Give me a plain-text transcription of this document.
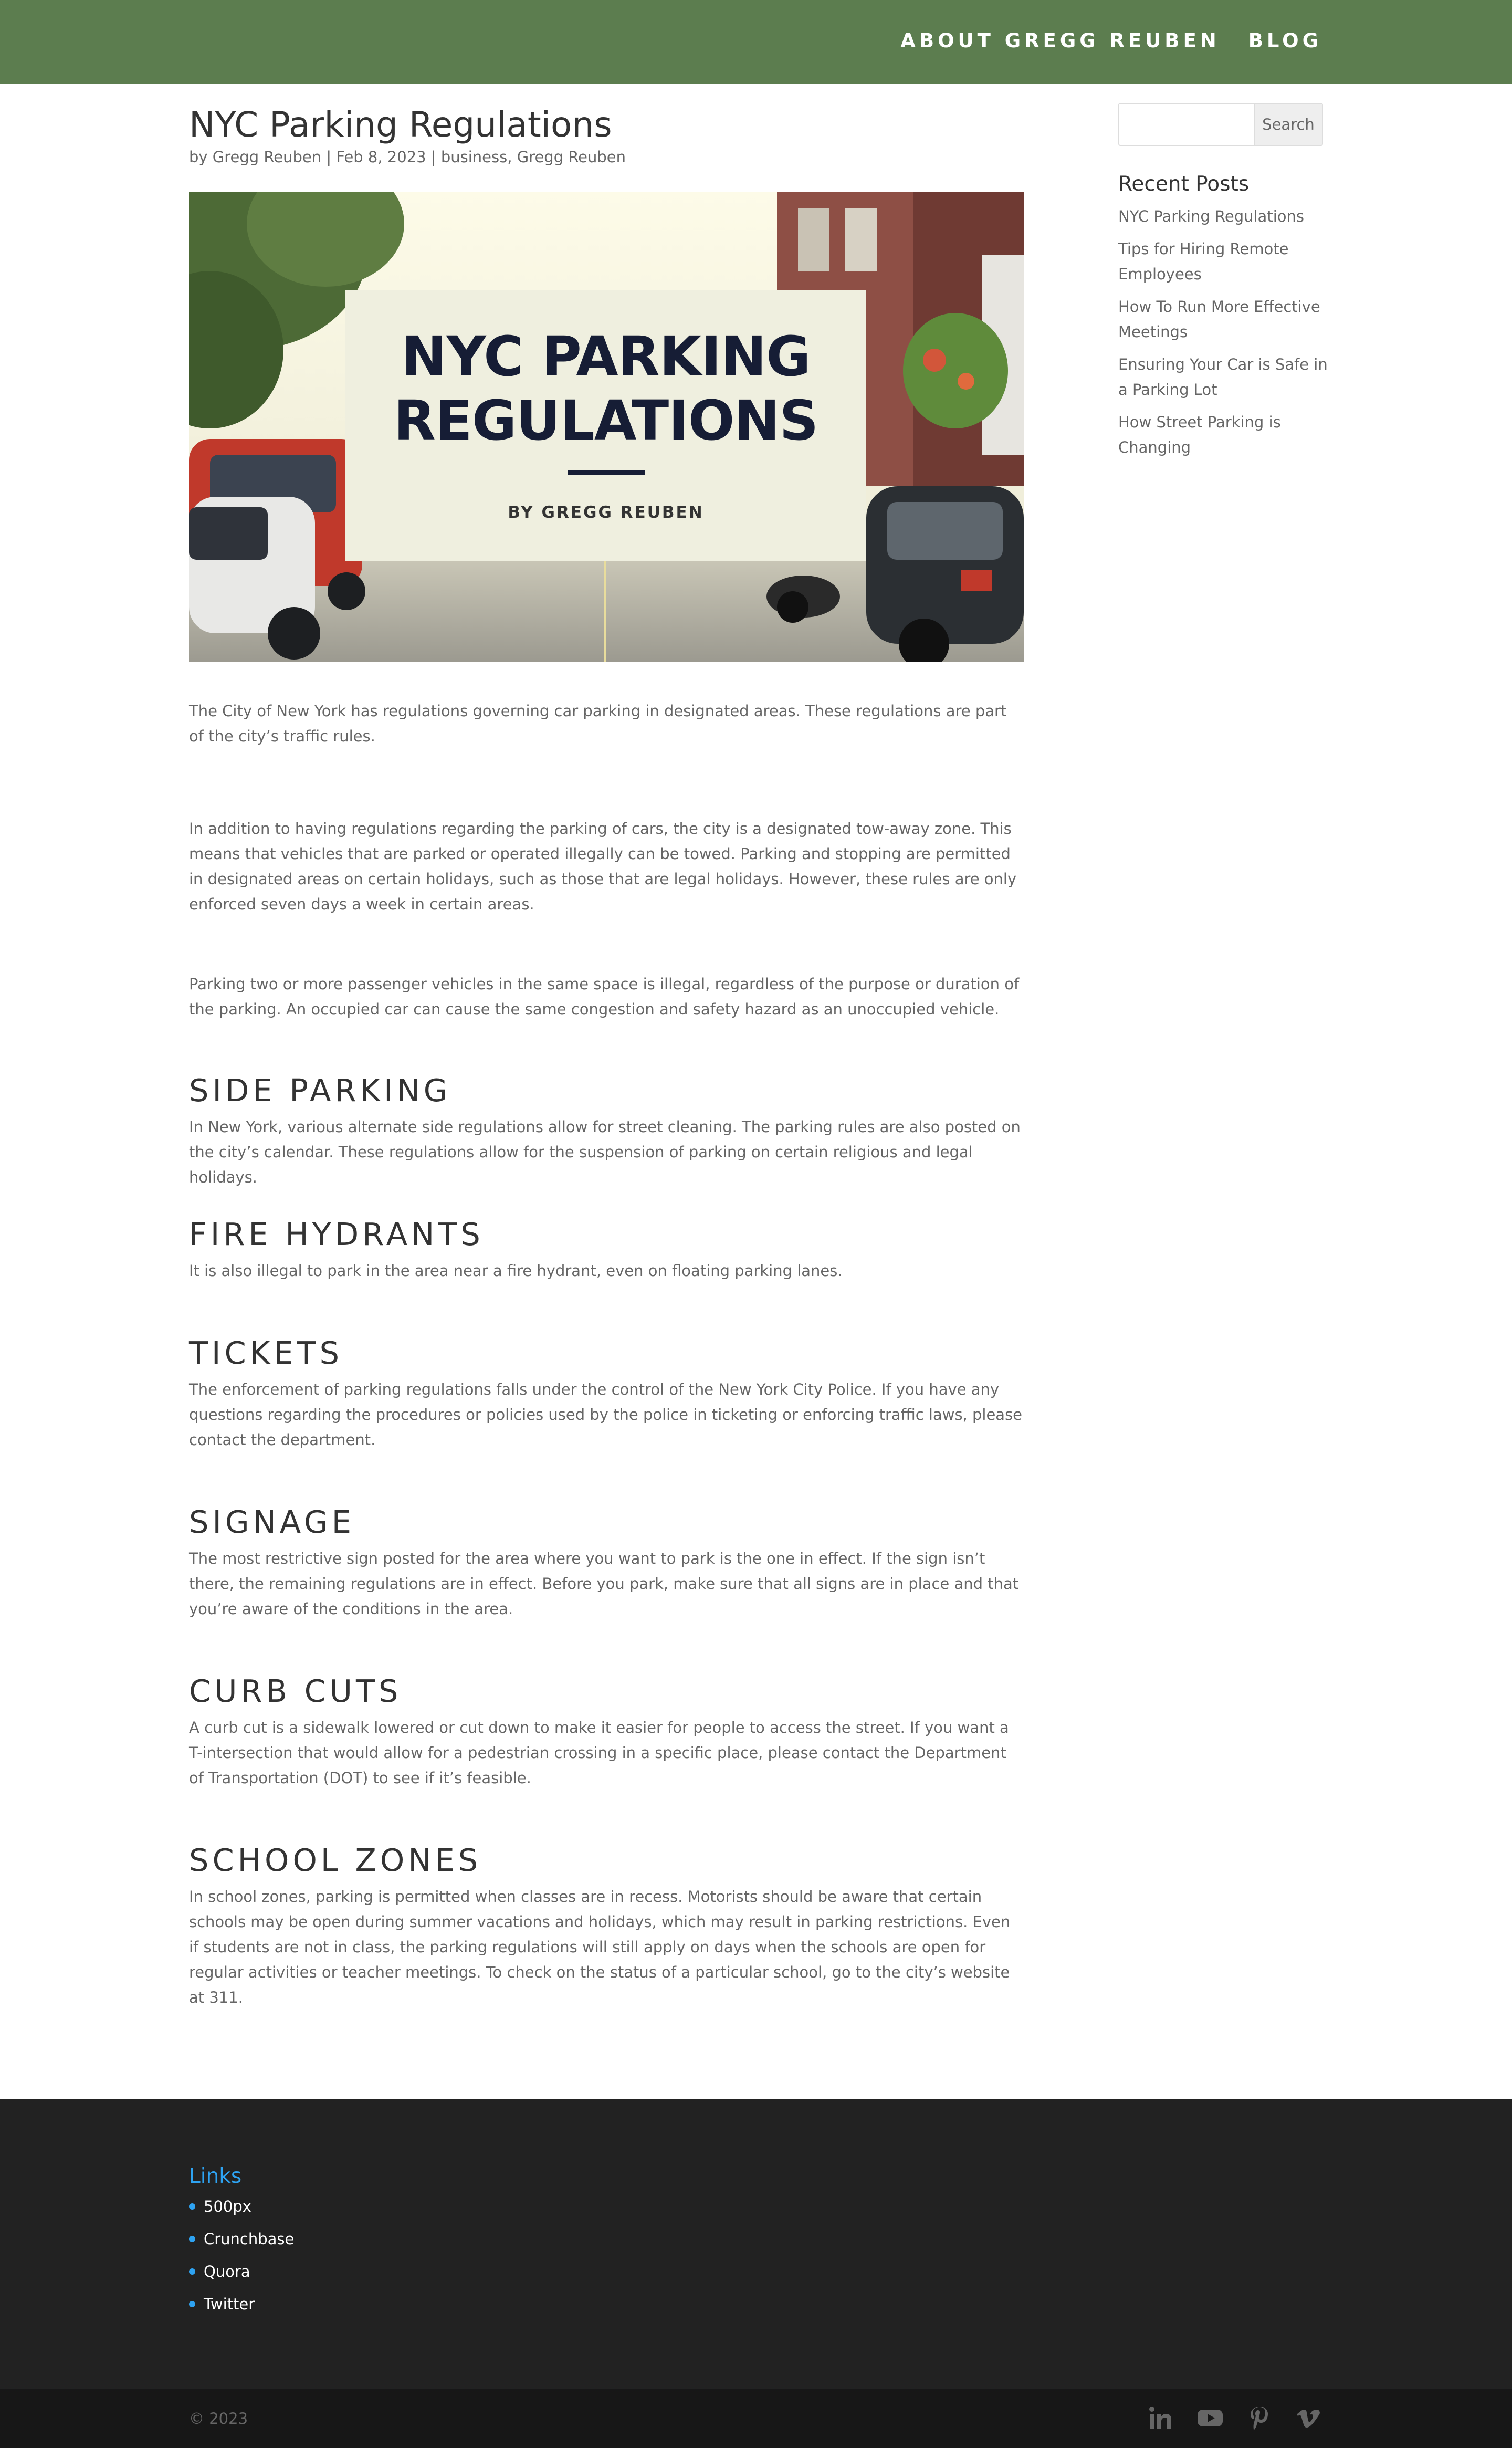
ABOUT GREGG REUBEN BLOG
NYC Parking Regulations

by Gregg Reuben | Feb 8, 2023 | business, Gregg Reuben

NYC PARKING
REGULATIONS
BY GREGG REUBEN

The City of New York has regulations governing car parking in designated areas. These regulations are part of the city’s traffic rules.

In addition to having regulations regarding the parking of cars, the city is a designated tow-away zone. This means that vehicles that are parked or operated illegally can be towed. Parking and stopping are permitted in designated areas on certain holidays, such as those that are legal holidays. However, these rules are only enforced seven days a week in certain areas.

Parking two or more passenger vehicles in the same space is illegal, regardless of the purpose or duration of the parking. An occupied car can cause the same congestion and safety hazard as an unoccupied vehicle.

SIDE PARKING

In New York, various alternate side regulations allow for street cleaning. The parking rules are also posted on the city’s calendar. These regulations allow for the suspension of parking on certain religious and legal holidays.

FIRE HYDRANTS

It is also illegal to park in the area near a fire hydrant, even on floating parking lanes.

TICKETS

The enforcement of parking regulations falls under the control of the New York City Police. If you have any questions regarding the procedures or policies used by the police in ticketing or enforcing traffic laws, please contact the department.

SIGNAGE

The most restrictive sign posted for the area where you want to park is the one in effect. If the sign isn’t there, the remaining regulations are in effect. Before you park, make sure that all signs are in place and that you’re aware of the conditions in the area.

CURB CUTS

A curb cut is a sidewalk lowered or cut down to make it easier for people to access the street. If you want a T-intersection that would allow for a pedestrian crossing in a specific place, please contact the Department of Transportation (DOT) to see if it’s feasible.

SCHOOL ZONES

In school zones, parking is permitted when classes are in recess. Motorists should be aware that certain schools may be open during summer vacations and holidays, which may result in parking restrictions. Even if students are not in class, the parking regulations will still apply on days when the schools are open for regular activities or teacher meetings. To check on the status of a particular school, go to the city’s website at 311.

Search
Recent Posts
NYC Parking Regulations
Tips for Hiring Remote Employees
How To Run More Effective Meetings
Ensuring Your Car is Safe in a Parking Lot
How Street Parking is Changing
Links
500px
Crunchbase
Quora
Twitter
© 2023
